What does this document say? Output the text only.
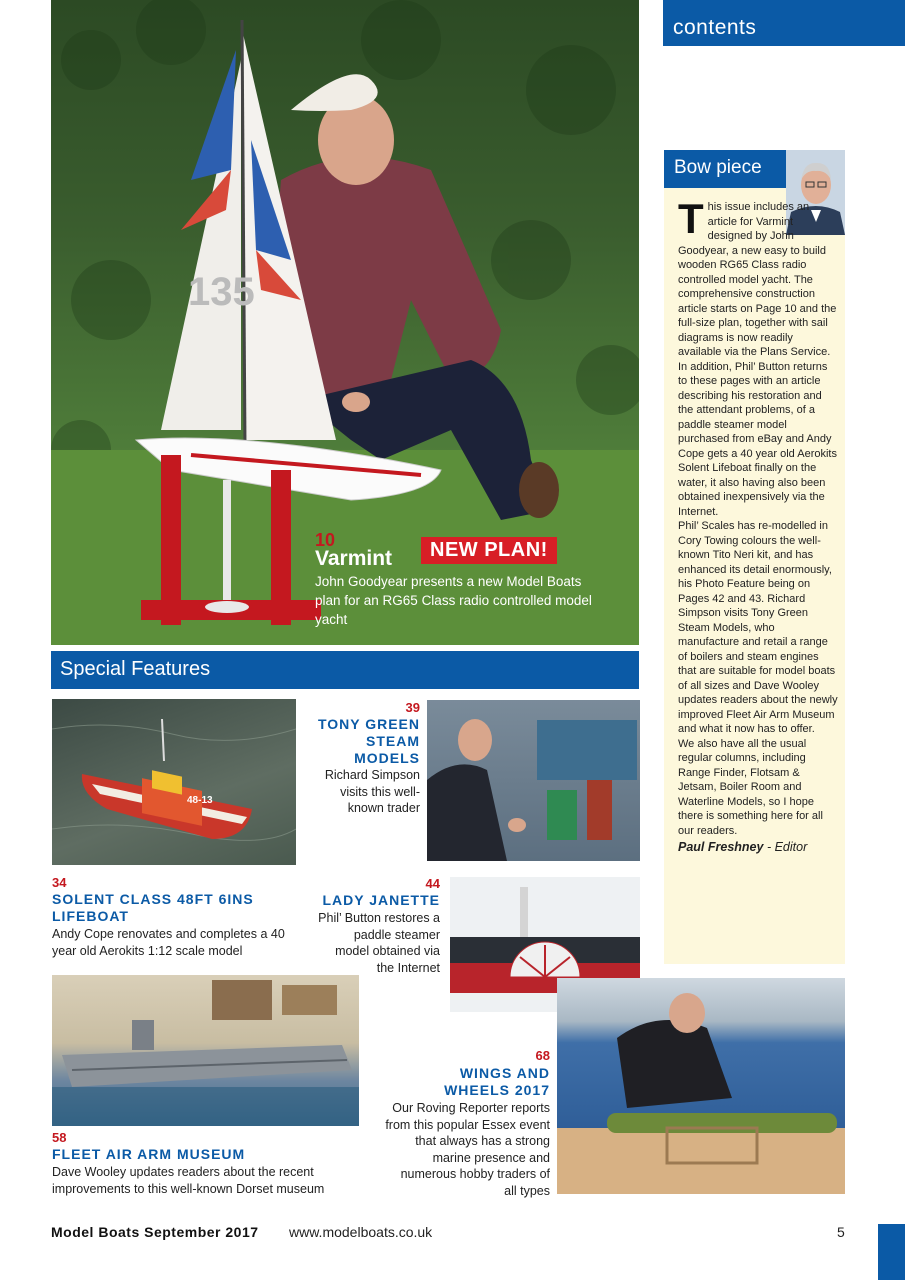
contents
135
10
Varmint	NEW PLAN!
John Goodyear presents a new Model Boats plan for an RG65 Class radio controlled model yacht
Special Features
Bow piece

This issue includes an article for Varmint designed by John Goodyear, a new easy to build wooden RG65 Class radio controlled model yacht. The comprehensive construction article starts on Page 10 and the full-size plan, together with sail diagrams is now readily available via the Plans Service. In addition, Phil’ Button returns to these pages with an article describing his restoration and the attendant problems, of a paddle steamer model purchased from eBay and Andy Cope gets a 40 year old Aerokits Solent Lifeboat finally on the water, it also having also been obtained inexpensively via the Internet.

Phil’ Scales has re-modelled in Cory Towing colours the well-known Tito Neri kit, and has enhanced its detail enormously, his Photo Feature being on Pages 42 and 43. Richard Simpson visits Tony Green Steam Models, who manufacture and retail a range of boilers and steam engines that are suitable for model boats of all sizes and Dave Wooley updates readers about the newly improved Fleet Air Arm Museum and what it now has to offer.

We also have all the usual regular columns, including Range Finder, Flotsam & Jetsam, Boiler Room and Waterline Models, so I hope there is something here for all our readers.

Paul Freshney - Editor

48-13
34
SOLENT CLASS 48FT 6INS LIFEBOAT
Andy Cope renovates and completes a 40 year old Aerokits 1:12 scale model
39
TONY GREEN STEAM MODELS
Richard Simpson visits this well-known trader
44
LADY JANETTE
Phil’ Button restores a paddle steamer model obtained via the Internet
58
FLEET AIR ARM MUSEUM
Dave Wooley updates readers about the recent improvements to this well-known Dorset museum
68
WINGS AND WHEELS 2017
Our Roving Reporter reports from this popular Essex event that always has a strong marine presence and numerous hobby traders of all types
Model Boats September 2017 www.modelboats.co.uk	5
